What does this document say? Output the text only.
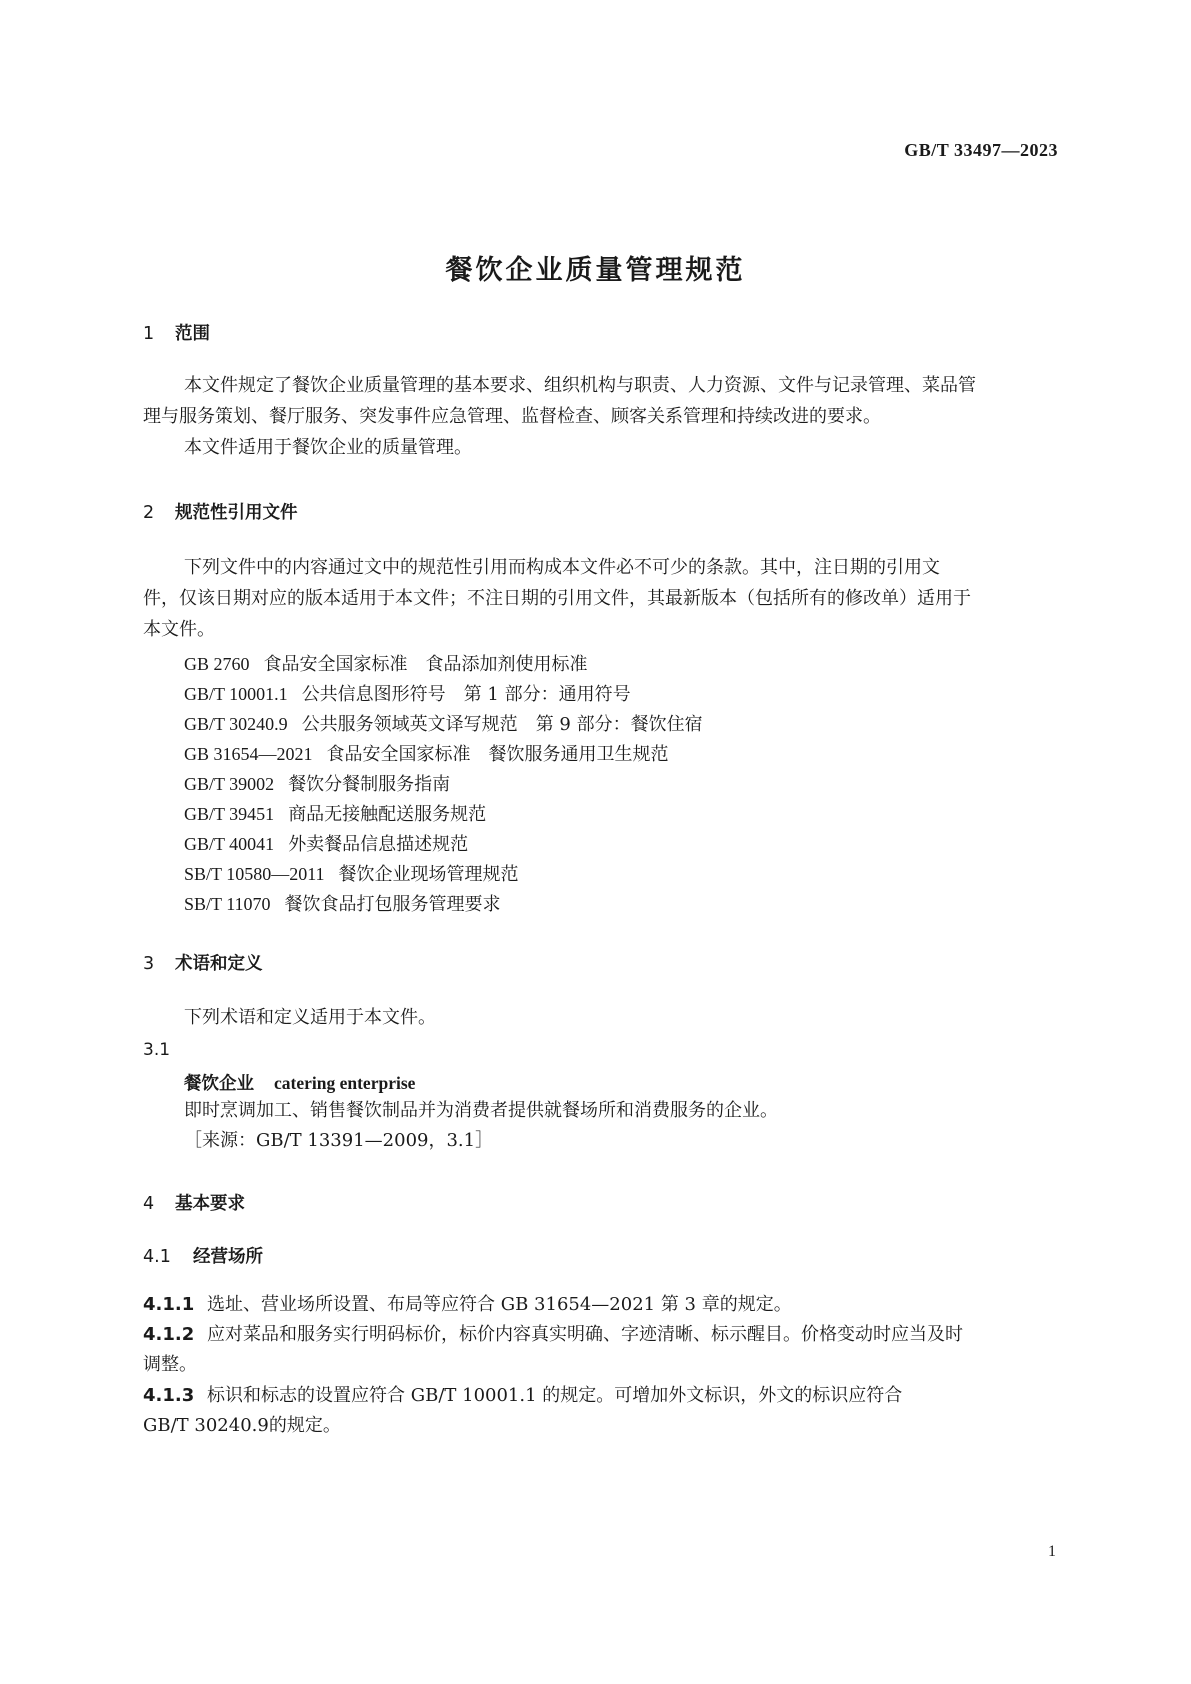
GB/T 33497—2023
餐饮企业质量管理规范
1 范围
本文件规定了餐饮企业质量管理的基本要求、组织机构与职责、人力资源、文件与记录管理、菜品管
理与服务策划、餐厅服务、突发事件应急管理、监督检查、顾客关系管理和持续改进的要求。
本文件适用于餐饮企业的质量管理。
2 规范性引用文件
下列文件中的内容通过文中的规范性引用而构成本文件必不可少的条款。其中，注日期的引用文
件，仅该日期对应的版本适用于本文件；不注日期的引用文件，其最新版本（包括所有的修改单）适用于
本文件。
GB 2760 食品安全国家标准 食品添加剂使用标准
GB/T 10001.1 公共信息图形符号 第 1 部分：通用符号
GB/T 30240.9 公共服务领域英文译写规范 第 9 部分：餐饮住宿
GB 31654—2021 食品安全国家标准 餐饮服务通用卫生规范
GB/T 39002 餐饮分餐制服务指南
GB/T 39451 商品无接触配送服务规范
GB/T 40041 外卖餐品信息描述规范
SB/T 10580—2011 餐饮企业现场管理规范
SB/T 11070 餐饮食品打包服务管理要求
3 术语和定义
下列术语和定义适用于本文件。
3.1
餐饮企业 catering enterprise
即时烹调加工、销售餐饮制品并为消费者提供就餐场所和消费服务的企业。
［来源：GB/T 13391—2009，3.1］
4 基本要求
4.1 经营场所
4.1.1 选址、营业场所设置、布局等应符合 GB 31654—2021 第 3 章的规定。
4.1.2 应对菜品和服务实行明码标价，标价内容真实明确、字迹清晰、标示醒目。价格变动时应当及时
调整。
4.1.3 标识和标志的设置应符合 GB/T 10001.1 的规定。可增加外文标识，外文的标识应符合
GB/T 30240.9的规定。
1
